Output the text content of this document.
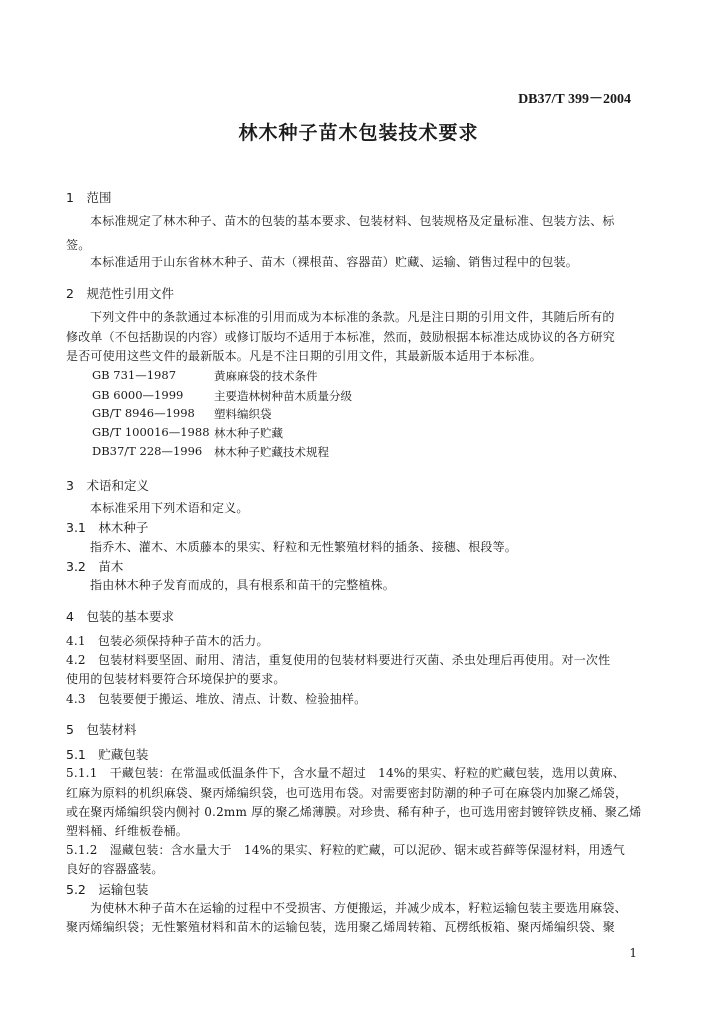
DB37/T 399－2004
林木种子苗木包装技术要求
1　范围
本标准规定了林木种子、苗木的包装的基本要求、包装材料、包装规格及定量标准、包装方法、标
签。
本标准适用于山东省林木种子、苗木（裸根苗、容器苗）贮藏、运输、销售过程中的包装。
2　规范性引用文件
下列文件中的条款通过本标准的引用而成为本标准的条款。凡是注日期的引用文件，其随后所有的
修改单（不包括勘误的内容）或修订版均不适用于本标准，然而，鼓励根据本标准达成协议的各方研究
是否可使用这些文件的最新版本。凡是不注日期的引用文件，其最新版本适用于本标准。
GB 731—1987	黄麻麻袋的技术条件
GB 6000—1999	主要造林树种苗木质量分级
GB/T 8946—1998 塑料编织袋
GB/T 100016—1988 林木种子贮藏
DB37/T 228—1996 林木种子贮藏技术规程
3　术语和定义
本标准采用下列术语和定义。
3.1　林木种子
指乔木、灌木、木质藤本的果实、籽粒和无性繁殖材料的插条、接穗、根段等。
3.2　苗木
指由林木种子发育而成的，具有根系和苗干的完整植株。
4　包装的基本要求
4.1　包装必须保持种子苗木的活力。
4.2　包装材料要坚固、耐用、清洁，重复使用的包装材料要进行灭菌、杀虫处理后再使用。对一次性
使用的包装材料要符合环境保护的要求。
4.3　包装要便于搬运、堆放、清点、计数、检验抽样。
5　包装材料
5.1　贮藏包装
5.1.1　干藏包装：在常温或低温条件下，含水量不超过　14%的果实、籽粒的贮藏包装，选用以黄麻、
红麻为原料的机织麻袋、聚丙烯编织袋，也可选用布袋。对需要密封防潮的种子可在麻袋内加聚乙烯袋，
或在聚丙烯编织袋内侧衬 0.2mm 厚的聚乙烯薄膜。对珍贵、稀有种子，也可选用密封镀锌铁皮桶、聚乙烯
塑料桶、纤维板卷桶。
5.1.2　湿藏包装：含水量大于　14%的果实、籽粒的贮藏，可以泥砂、锯末或苔藓等保湿材料，用透气
良好的容器盛装。
5.2　运输包装
为使林木种子苗木在运输的过程中不受损害、方便搬运，并减少成本，籽粒运输包装主要选用麻袋、
聚丙烯编织袋；无性繁殖材料和苗木的运输包装，选用聚乙烯周转箱、瓦楞纸板箱、聚丙烯编织袋、聚
1
